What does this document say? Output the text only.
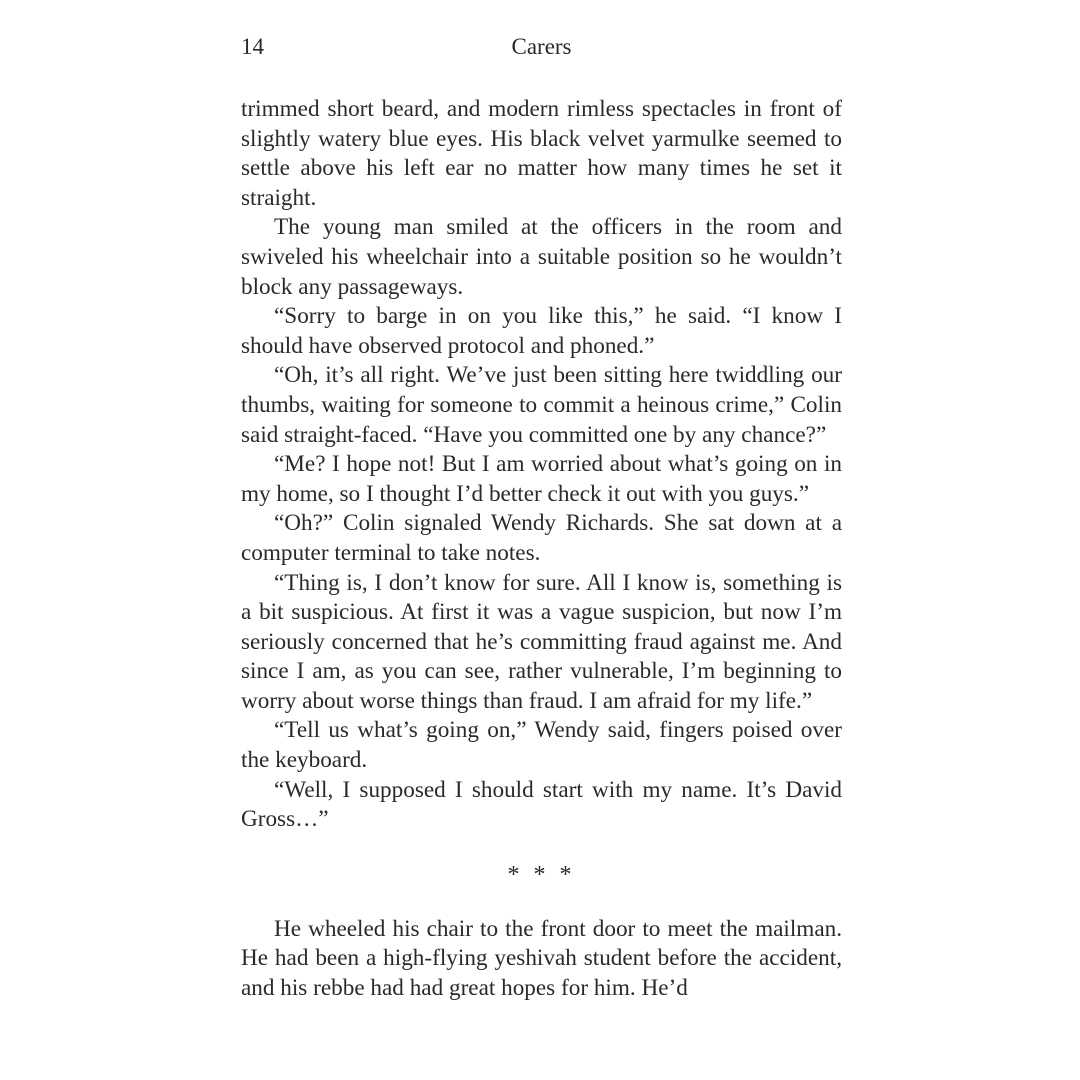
14	Carers

trimmed short beard, and modern rimless spectacles in front of slightly watery blue eyes. His black velvet yarmulke seemed to settle above his left ear no matter how many times he set it straight.

The young man smiled at the officers in the room and swiveled his wheelchair into a suitable position so he wouldn’t block any passageways.

“Sorry to barge in on you like this,” he said. “I know I should have observed protocol and phoned.”

“Oh, it’s all right. We’ve just been sitting here twiddling our thumbs, waiting for someone to commit a heinous crime,” Colin said straight-faced. “Have you committed one by any chance?”

“Me? I hope not! But I am worried about what’s going on in my home, so I thought I’d better check it out with you guys.”

“Oh?” Colin signaled Wendy Richards. She sat down at a computer terminal to take notes.

“Thing is, I don’t know for sure. All I know is, something is a bit suspicious. At first it was a vague suspicion, but now I’m seriously concerned that he’s committing fraud against me. And since I am, as you can see, rather vulnerable, I’m beginning to worry about worse things than fraud. I am afraid for my life.”

“Tell us what’s going on,” Wendy said, fingers poised over the keyboard.

“Well, I supposed I should start with my name. It’s David Gross…”

* * *

He wheeled his chair to the front door to meet the mailman. He had been a high-flying yeshivah student before the accident, and his rebbe had had great hopes for him. He’d
